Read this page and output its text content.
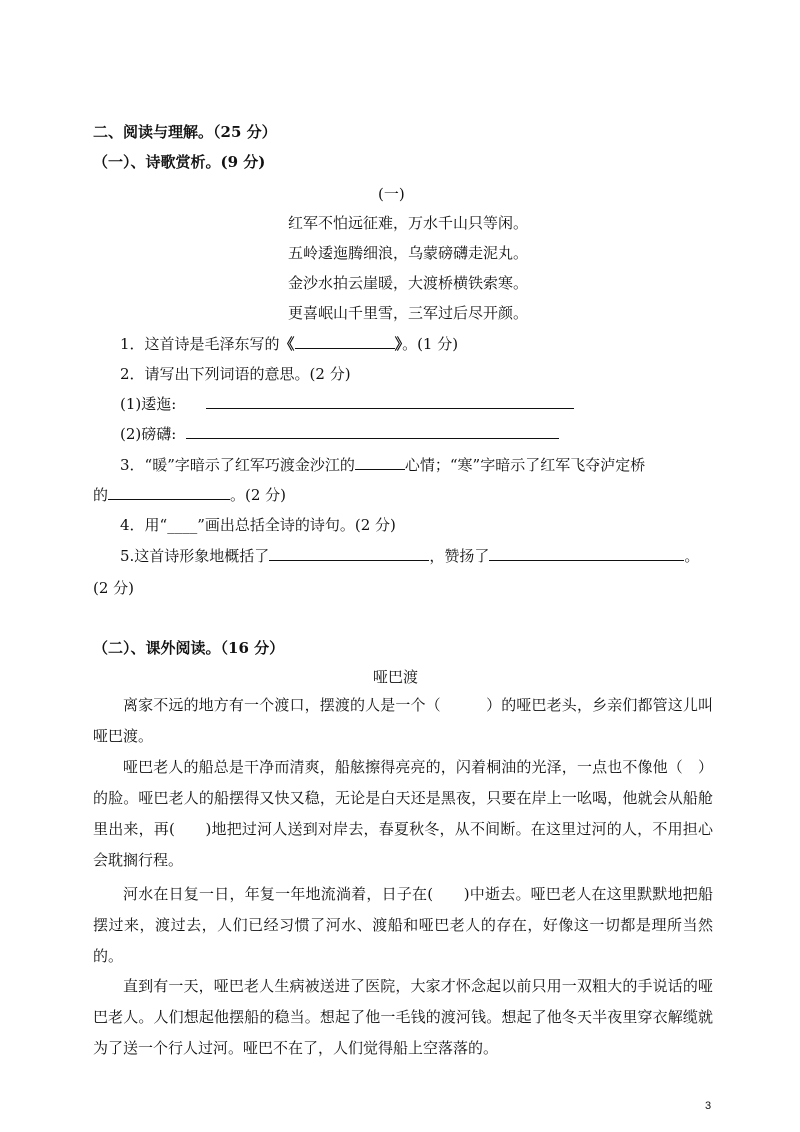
二、阅读与理解。（25 分）
（一）、诗歌赏析。(9 分)
(一)
红军不怕远征难，万水千山只等闲。
五岭逶迤腾细浪，乌蒙磅礴走泥丸。
金沙水拍云崖暖，大渡桥横铁索寒。
更喜岷山千里雪，三军过后尽开颜。
1．这首诗是毛泽东写的《	》。(1 分)
2．请写出下列词语的意思。(2 分)
(1)逶迤:
(2)磅礴:
3．“暖”字暗示了红军巧渡金沙江的	心情；“寒”字暗示了红军飞夺泸定桥
的	。(2 分)
4．用“____”画出总括全诗的诗句。(2 分)
5.这首诗形象地概括了	，赞扬了	。
(2 分)
（二）、课外阅读。（16 分）
哑巴渡
离家不远的地方有一个渡口，摆渡的人是一个（　　　）的哑巴老头，乡亲们都管这儿叫哑巴渡。
哑巴老人的船总是干净而清爽，船舷擦得亮亮的，闪着桐油的光泽，一点也不像他（　）的脸。哑巴老人的船摆得又快又稳，无论是白天还是黑夜，只要在岸上一吆喝，他就会从船舱里出来，再(　　)地把过河人送到对岸去，春夏秋冬，从不间断。在这里过河的人，不用担心会耽搁行程。
河水在日复一日，年复一年地流淌着，日子在(　　)中逝去。哑巴老人在这里默默地把船摆过来，渡过去，人们已经习惯了河水、渡船和哑巴老人的存在，好像这一切都是理所当然的。
直到有一天，哑巴老人生病被送进了医院，大家才怀念起以前只用一双粗大的手说话的哑巴老人。人们想起他摆船的稳当。想起了他一毛钱的渡河钱。想起了他冬天半夜里穿衣解缆就为了送一个行人过河。哑巴不在了，人们觉得船上空落落的。
3
